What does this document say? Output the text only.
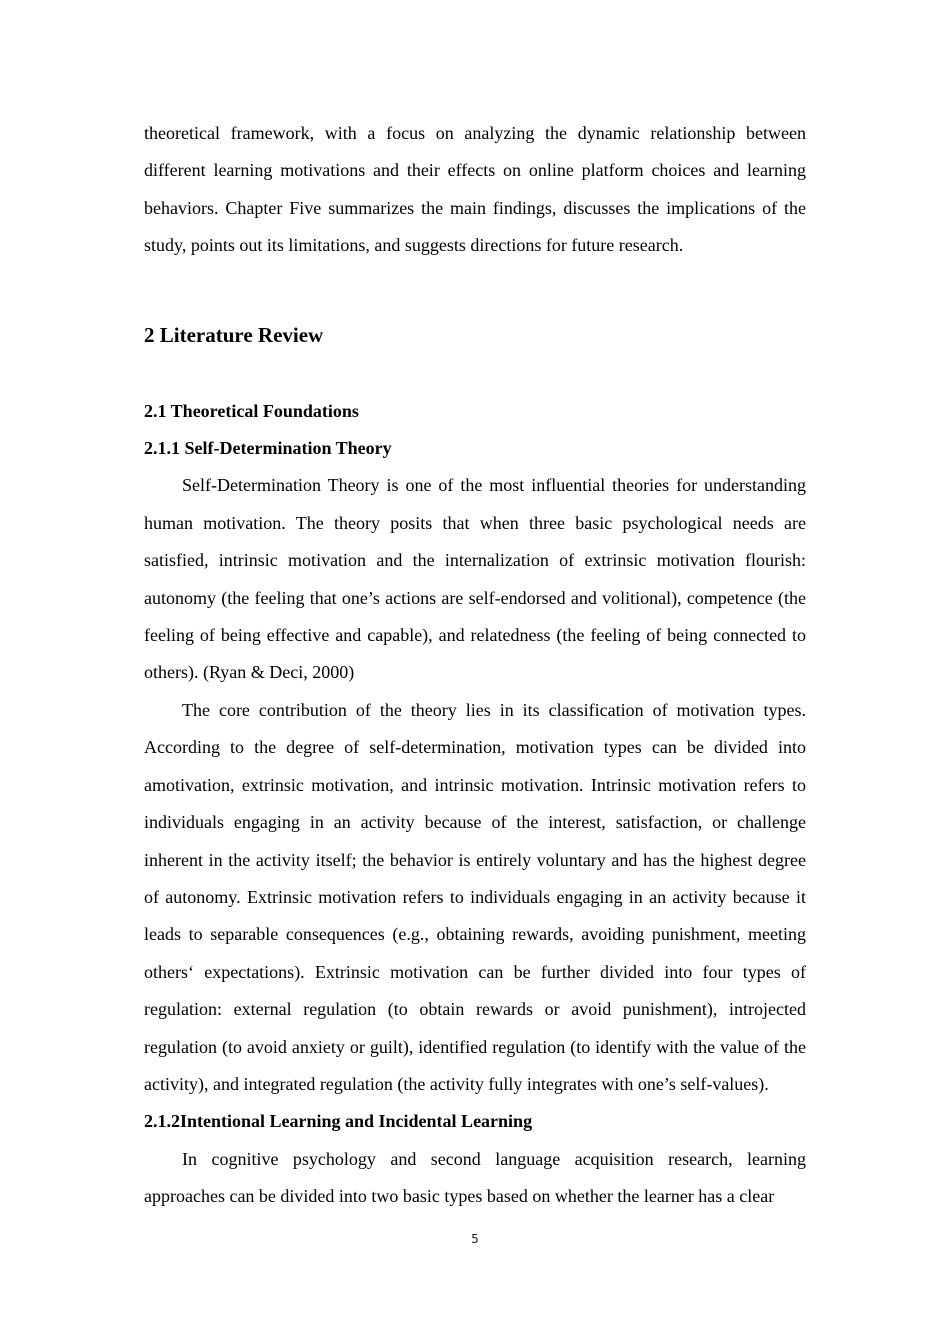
theoretical framework, with a focus on analyzing the dynamic relationship between different learning motivations and their effects on online platform choices and learning behaviors. Chapter Five summarizes the main findings, discusses the implications of the study, points out its limitations, and suggests directions for future research.

2 Literature Review
2.1 Theoretical Foundations
2.1.1 Self-Determination Theory

Self-Determination Theory is one of the most influential theories for understanding human motivation. The theory posits that when three basic psychological needs are satisfied, intrinsic motivation and the internalization of extrinsic motivation flourish: autonomy (the feeling that one’s actions are self-endorsed and volitional), competence (the feeling of being effective and capable), and relatedness (the feeling of being connected to others). (Ryan & Deci, 2000)

The core contribution of the theory lies in its classification of motivation types. According to the degree of self-determination, motivation types can be divided into amotivation, extrinsic motivation, and intrinsic motivation. Intrinsic motivation refers to individuals engaging in an activity because of the interest, satisfaction, or challenge inherent in the activity itself; the behavior is entirely voluntary and has the highest degree of autonomy. Extrinsic motivation refers to individuals engaging in an activity because it leads to separable consequences (e.g., obtaining rewards, avoiding punishment, meeting others‘ expectations). Extrinsic motivation can be further divided into four types of regulation: external regulation (to obtain rewards or avoid punishment), introjected regulation (to avoid anxiety or guilt), identified regulation (to identify with the value of the activity), and integrated regulation (the activity fully integrates with one’s self-values).

2.1.2Intentional Learning and Incidental Learning

In cognitive psychology and second language acquisition research, learning approaches can be divided into two basic types based on whether the learner has a clear

5
